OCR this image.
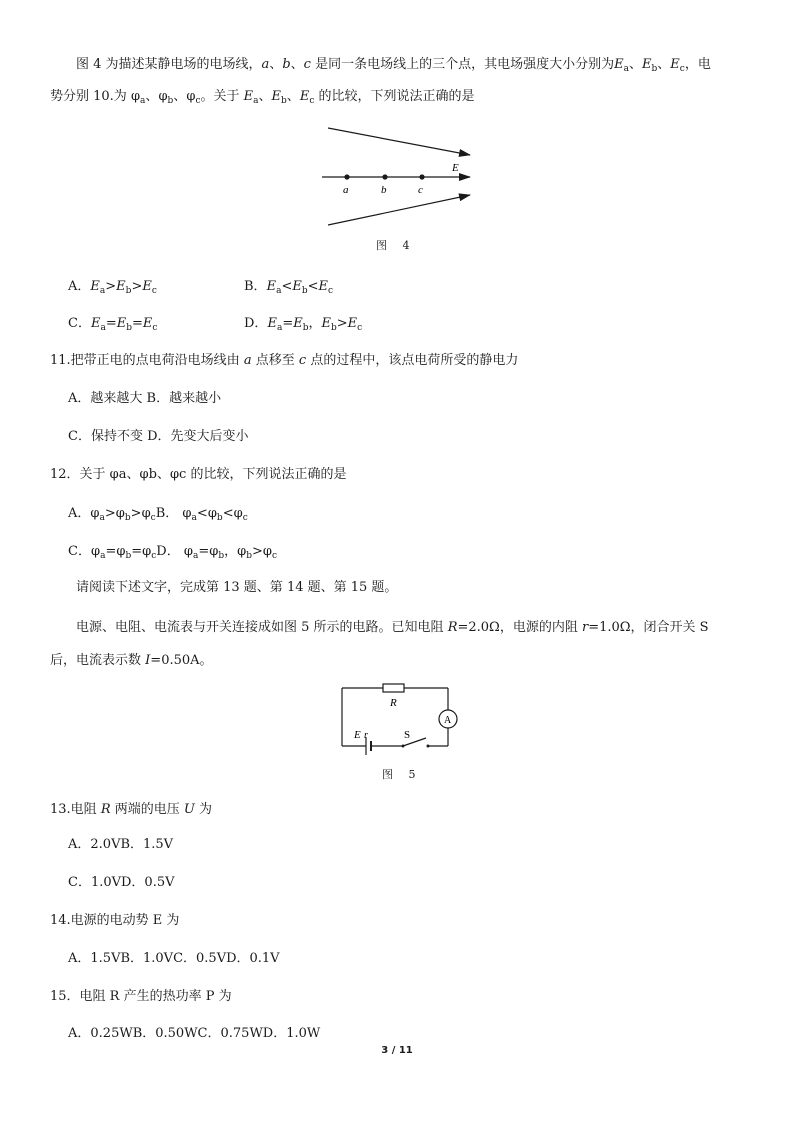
图 4 为描述某静电场的电场线，a、b、c 是同一条电场线上的三个点，其电场强度大小分别为$E_a$、$E_b$、$E_c$，电
势分别 10.为 $\varphi_a$、$\varphi_b$、$\varphi_c$。关于 $E_a$、$E_b$、$E_c$ 的比较，下列说法正确的是
E
a	b	c
图 4
A．$E_a>E_b>E_c$	B．$E_a<E_b<E_c$
C．$E_a=E_b=E_c$	D．$E_a=E_b$，$E_b>E_c$
11.把带正电的点电荷沿电场线由 a 点移至 c 点的过程中，该点电荷所受的静电力
A．越来越大 B．越来越小
C．保持不变 D．先变大后变小
12．关于 φa、φb、φc 的比较，下列说法正确的是
A．$\varphi_a>\varphi_b>\varphi_cB$． $\varphi_a<\varphi_b<\varphi_c$
C．$\varphi_a=\varphi_b=\varphi_cD$． $\varphi_a=\varphi_b$，$\varphi_b>\varphi_c$
请阅读下述文字，完成第 13 题、第 14 题、第 15 题。
电源、电阻、电流表与开关连接成如图 5 所示的电路。已知电阻 R=2.0Ω，电源的内阻 r=1.0Ω，闭合开关 S
后，电流表示数 I=0.50A。
R
A
E r	S
图 5
13.电阻 R 两端的电压 U 为
A．2.0VB．1.5V
C．1.0VD．0.5V
14.电源的电动势 E 为
A．1.5VB．1.0VC．0.5VD．0.1V
15．电阻 R 产生的热功率 P 为
A．0.25WB．0.50WC．0.75WD．1.0W
3 / 11
